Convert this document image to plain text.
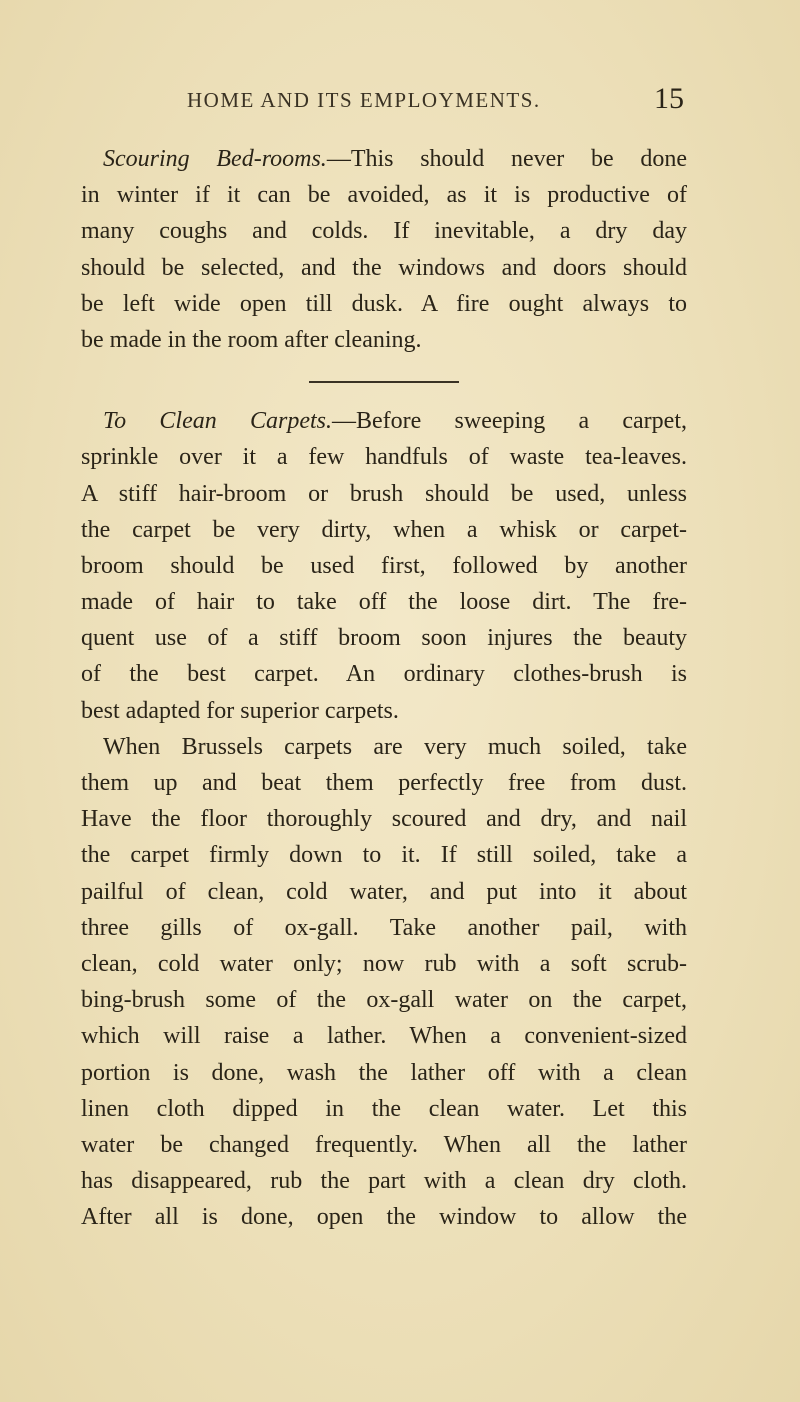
HOME AND ITS EMPLOYMENTS.	15
Scouring Bed-rooms.—This should never be done
in winter if it can be avoided, as it is productive of
many coughs and colds. If inevitable, a dry day
should be selected, and the windows and doors should
be left wide open till dusk. A fire ought always to
be made in the room after cleaning.
To Clean Carpets.—Before sweeping a carpet,
sprinkle over it a few handfuls of waste tea-leaves.
A stiff hair-broom or brush should be used, unless
the carpet be very dirty, when a whisk or carpet-
broom should be used first, followed by another
made of hair to take off the loose dirt. The fre-
quent use of a stiff broom soon injures the beauty
of the best carpet. An ordinary clothes-brush is
best adapted for superior carpets.
When Brussels carpets are very much soiled, take
them up and beat them perfectly free from dust.
Have the floor thoroughly scoured and dry, and nail
the carpet firmly down to it. If still soiled, take a
pailful of clean, cold water, and put into it about
three gills of ox-gall. Take another pail, with
clean, cold water only; now rub with a soft scrub-
bing-brush some of the ox-gall water on the carpet,
which will raise a lather. When a convenient-sized
portion is done, wash the lather off with a clean
linen cloth dipped in the clean water. Let this
water be changed frequently. When all the lather
has disappeared, rub the part with a clean dry cloth.
After all is done, open the window to allow the
